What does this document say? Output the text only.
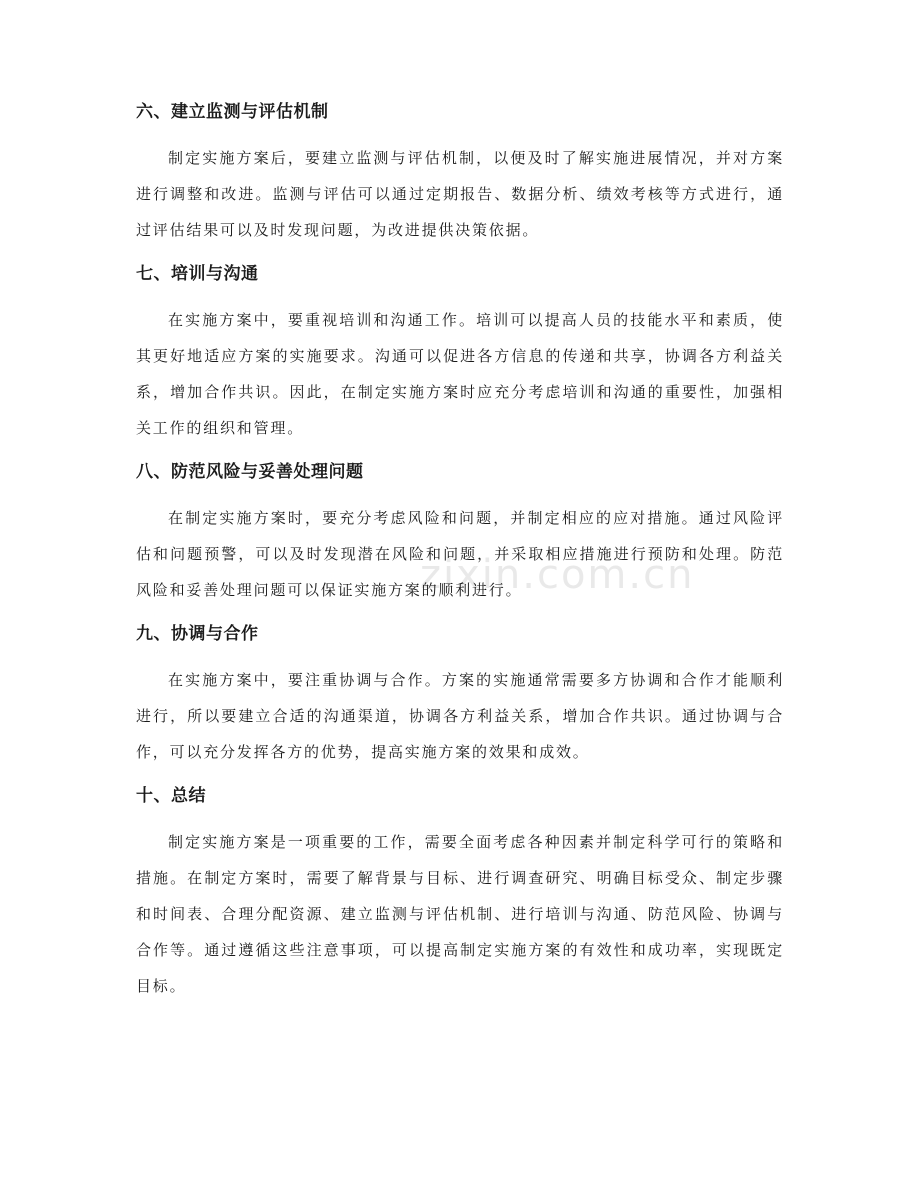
zixin.com.cn
六、建立监测与评估机制

制定实施方案后，要建立监测与评估机制，以便及时了解实施进展情况，并对方案进行调整和改进。监测与评估可以通过定期报告、数据分析、绩效考核等方式进行，通过评估结果可以及时发现问题，为改进提供决策依据。

七、培训与沟通

在实施方案中，要重视培训和沟通工作。培训可以提高人员的技能水平和素质，使其更好地适应方案的实施要求。沟通可以促进各方信息的传递和共享，协调各方利益关系，增加合作共识。因此，在制定实施方案时应充分考虑培训和沟通的重要性，加强相关工作的组织和管理。

八、防范风险与妥善处理问题

在制定实施方案时，要充分考虑风险和问题，并制定相应的应对措施。通过风险评估和问题预警，可以及时发现潜在风险和问题，并采取相应措施进行预防和处理。防范风险和妥善处理问题可以保证实施方案的顺利进行。

九、协调与合作

在实施方案中，要注重协调与合作。方案的实施通常需要多方协调和合作才能顺利进行，所以要建立合适的沟通渠道，协调各方利益关系，增加合作共识。通过协调与合作，可以充分发挥各方的优势，提高实施方案的效果和成效。

十、总结

制定实施方案是一项重要的工作，需要全面考虑各种因素并制定科学可行的策略和措施。在制定方案时，需要了解背景与目标、进行调查研究、明确目标受众、制定步骤和时间表、合理分配资源、建立监测与评估机制、进行培训与沟通、防范风险、协调与合作等。通过遵循这些注意事项，可以提高制定实施方案的有效性和成功率，实现既定目标。
